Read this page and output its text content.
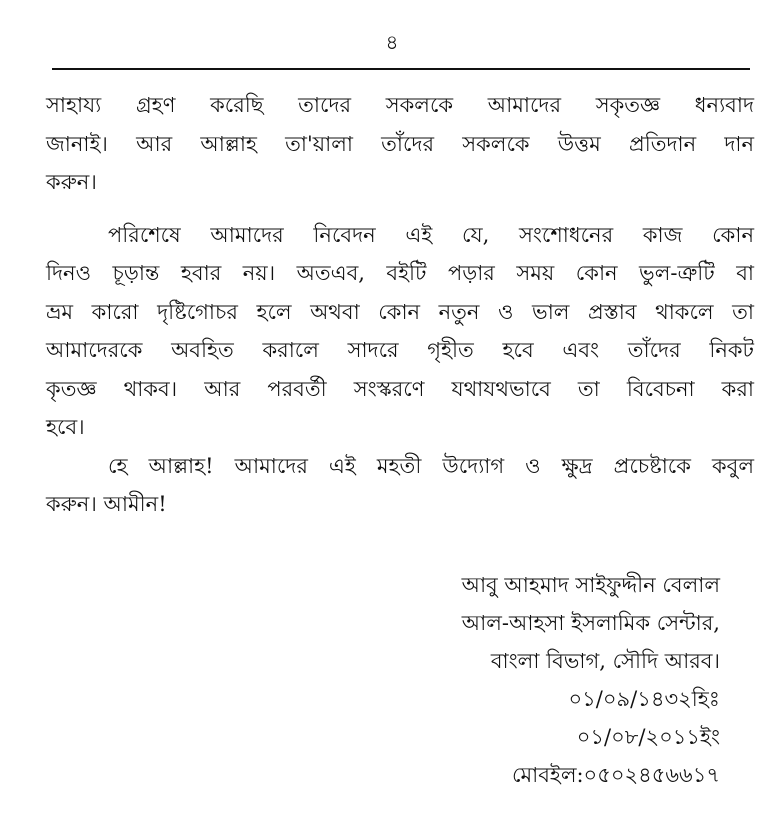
৪
সাহায্য গ্রহণ করেছি তাদের সকলকে আমাদের সকৃতজ্ঞ ধন্যবাদ
জানাই। আর আল্লাহ তা'য়ালা তাঁদের সকলকে উত্তম প্রতিদান দান
করুন।
পরিশেষে আমাদের নিবেদন এই যে, সংশোধনের কাজ কোন
দিনও চূড়ান্ত হবার নয়। অতএব, বইটি পড়ার সময় কোন ভুল-ত্রুটি বা
ভ্রম কারো দৃষ্টিগোচর হলে অথবা কোন নতুন ও ভাল প্রস্তাব থাকলে তা
আমাদেরকে অবহিত করালে সাদরে গৃহীত হবে এবং তাঁদের নিকট
কৃতজ্ঞ থাকব। আর পরবর্তী সংস্করণে যথাযথভাবে তা বিবেচনা করা
হবে।
হে আল্লাহ! আমাদের এই মহতী উদ্যোগ ও ক্ষুদ্র প্রচেষ্টাকে কবুল
করুন। আমীন!
আবু আহমাদ সাইফুদ্দীন বেলাল
আল-আহসা ইসলামিক সেন্টার,
বাংলা বিভাগ, সৌদি আরব।
০১/০৯/১৪৩২হিঃ
০১/০৮/২০১১ইং
মোবইল:০৫০২৪৫৬৬১৭
